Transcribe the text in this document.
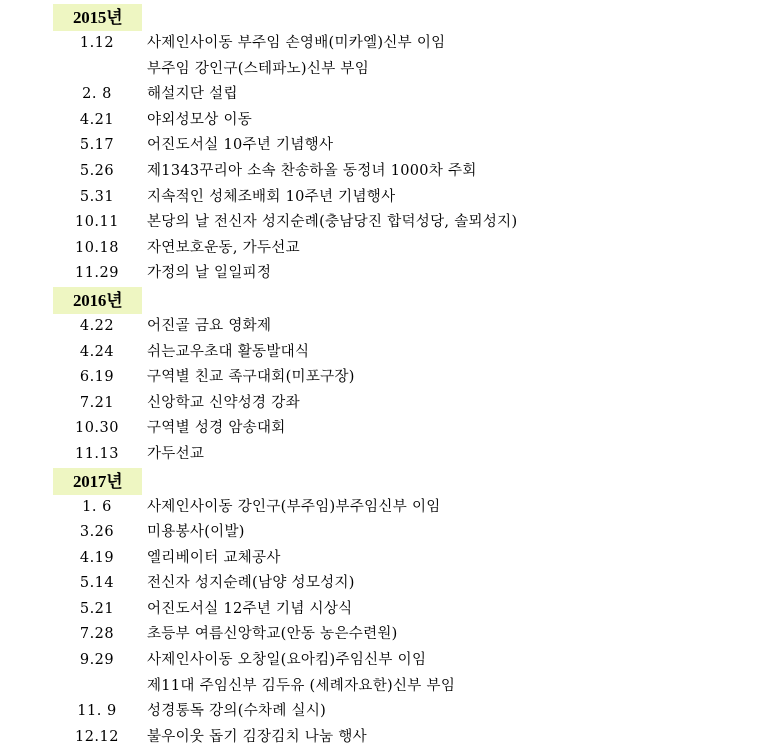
2015년
1.12	사제인사이동 부주임 손영배(미카엘)신부 이임
부주임 강인구(스테파노)신부 부임
2. 8	해설지단 설립
4.21	야외성모상 이동
5.17	어진도서실 10주년 기념행사
5.26	제1343꾸리아 소속 찬송하올 동정녀 1000차 주회
5.31	지속적인 성체조배회 10주년 기념행사
10.11	본당의 날 전신자 성지순례(충남당진 합덕성당, 솔뫼성지)
10.18	자연보호운동, 가두선교
11.29	가정의 날 일일피정
2016년
4.22	어진골 금요 영화제
4.24	쉬는교우초대 활동발대식
6.19	구역별 친교 족구대회(미포구장)
7.21	신앙학교 신약성경 강좌
10.30	구역별 성경 암송대회
11.13	가두선교
2017년
1. 6	사제인사이동 강인구(부주임)부주임신부 이임
3.26	미용봉사(이발)
4.19	엘리베이터 교체공사
5.14	전신자 성지순례(남양 성모성지)
5.21	어진도서실 12주년 기념 시상식
7.28	초등부 여름신앙학교(안동 농은수련원)
9.29	사제인사이동 오창일(요아킴)주임신부 이임
제11대 주임신부 김두유 (세례자요한)신부 부임
11. 9	성경통독 강의(수차례 실시)
12.12	불우이웃 돕기 김장김치 나눔 행사
